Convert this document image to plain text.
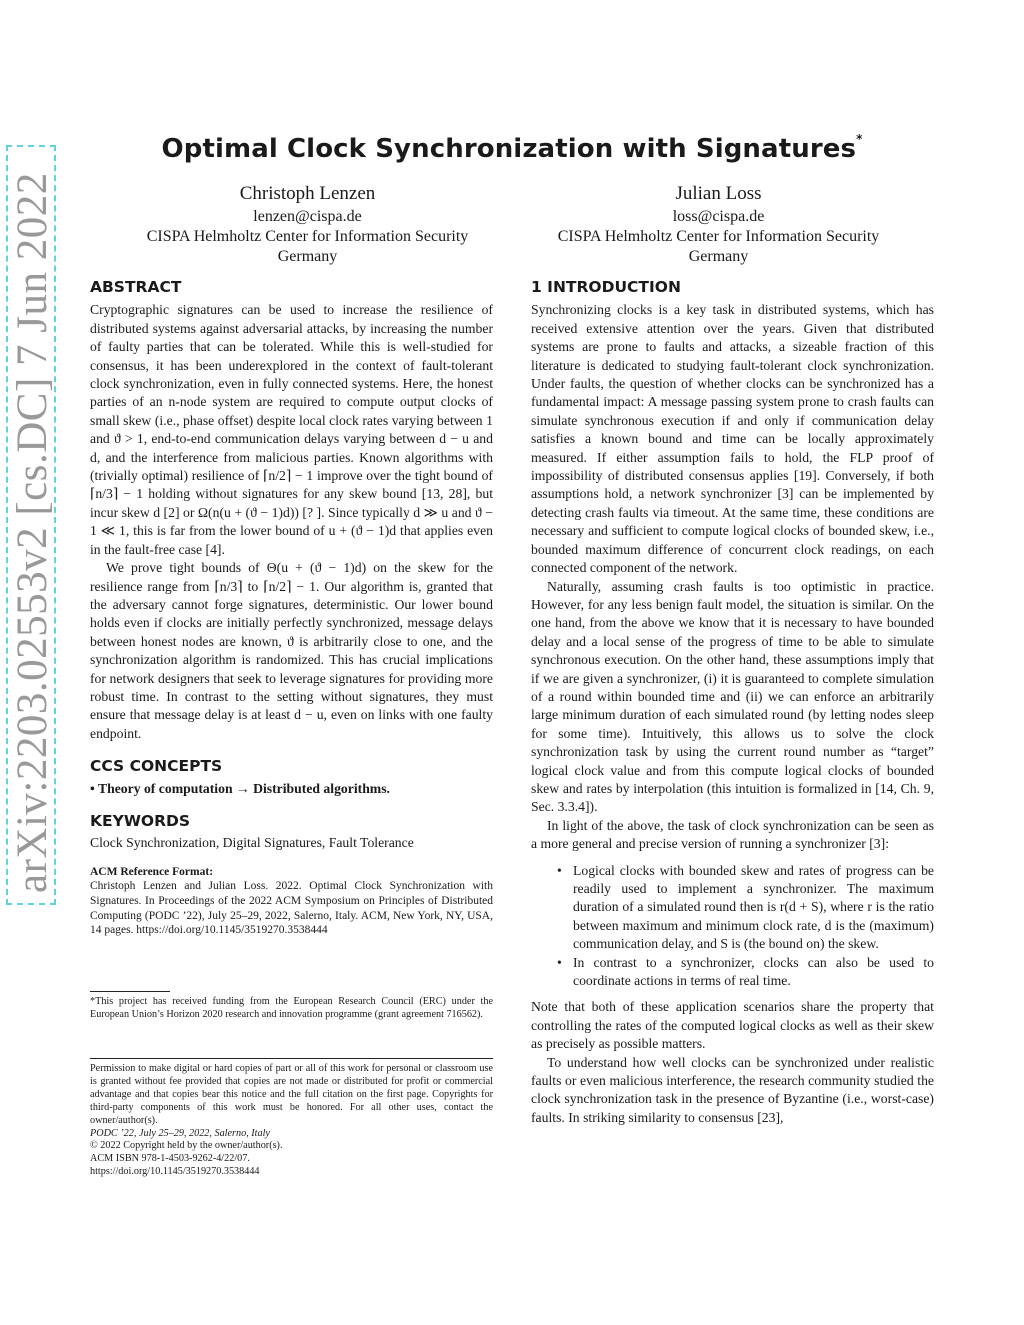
arXiv:2203.02553v2 [cs.DC] 7 Jun 2022
Optimal Clock Synchronization with Signatures*
Christoph Lenzen
lenzen@cispa.de
CISPA Helmholtz Center for Information Security
Germany
Julian Loss
loss@cispa.de
CISPA Helmholtz Center for Information Security
Germany
ABSTRACT

Cryptographic signatures can be used to increase the resilience of distributed systems against adversarial attacks, by increasing the number of faulty parties that can be tolerated. While this is well-studied for consensus, it has been underexplored in the context of fault-tolerant clock synchronization, even in fully connected systems. Here, the honest parties of an n-node system are required to compute output clocks of small skew (i.e., phase offset) despite local clock rates varying between 1 and ϑ > 1, end-to-end communication delays varying between d − u and d, and the interference from malicious parties. Known algorithms with (trivially optimal) resilience of ⌈n/2⌉ − 1 improve over the tight bound of ⌈n/3⌉ − 1 holding without signatures for any skew bound [13, 28], but incur skew d [2] or Ω(n(u + (ϑ − 1)d)) [? ]. Since typically d ≫ u and ϑ − 1 ≪ 1, this is far from the lower bound of u + (ϑ − 1)d that applies even in the fault-free case [4].

We prove tight bounds of Θ(u + (ϑ − 1)d) on the skew for the resilience range from ⌈n/3⌉ to ⌈n/2⌉ − 1. Our algorithm is, granted that the adversary cannot forge signatures, deterministic. Our lower bound holds even if clocks are initially perfectly synchronized, message delays between honest nodes are known, ϑ is arbitrarily close to one, and the synchronization algorithm is randomized. This has crucial implications for network designers that seek to leverage signatures for providing more robust time. In contrast to the setting without signatures, they must ensure that message delay is at least d − u, even on links with one faulty endpoint.

CCS CONCEPTS

• Theory of computation → Distributed algorithms.

KEYWORDS

Clock Synchronization, Digital Signatures, Fault Tolerance

ACM Reference Format:
Christoph Lenzen and Julian Loss. 2022. Optimal Clock Synchronization with Signatures. In Proceedings of the 2022 ACM Symposium on Principles of Distributed Computing (PODC ’22), July 25–29, 2022, Salerno, Italy. ACM, New York, NY, USA, 14 pages. https://doi.org/10.1145/3519270.3538444
*This project has received funding from the European Research Council (ERC) under the European Union’s Horizon 2020 research and innovation programme (grant agreement 716562).
Permission to make digital or hard copies of part or all of this work for personal or classroom use is granted without fee provided that copies are not made or distributed for profit or commercial advantage and that copies bear this notice and the full citation on the first page. Copyrights for third-party components of this work must be honored. For all other uses, contact the owner/author(s).
PODC ’22, July 25–29, 2022, Salerno, Italy
© 2022 Copyright held by the owner/author(s).
ACM ISBN 978-1-4503-9262-4/22/07.
https://doi.org/10.1145/3519270.3538444
1 INTRODUCTION

Synchronizing clocks is a key task in distributed systems, which has received extensive attention over the years. Given that distributed systems are prone to faults and attacks, a sizeable fraction of this literature is dedicated to studying fault-tolerant clock synchronization. Under faults, the question of whether clocks can be synchronized has a fundamental impact: A message passing system prone to crash faults can simulate synchronous execution if and only if communication delay satisfies a known bound and time can be locally approximately measured. If either assumption fails to hold, the FLP proof of impossibility of distributed consensus applies [19]. Conversely, if both assumptions hold, a network synchronizer [3] can be implemented by detecting crash faults via timeout. At the same time, these conditions are necessary and sufficient to compute logical clocks of bounded skew, i.e., bounded maximum difference of concurrent clock readings, on each connected component of the network.

Naturally, assuming crash faults is too optimistic in practice. However, for any less benign fault model, the situation is similar. On the one hand, from the above we know that it is necessary to have bounded delay and a local sense of the progress of time to be able to simulate synchronous execution. On the other hand, these assumptions imply that if we are given a synchronizer, (i) it is guaranteed to complete simulation of a round within bounded time and (ii) we can enforce an arbitrarily large minimum duration of each simulated round (by letting nodes sleep for some time). Intuitively, this allows us to solve the clock synchronization task by using the current round number as “target” logical clock value and from this compute logical clocks of bounded skew and rates by interpolation (this intuition is formalized in [14, Ch. 9, Sec. 3.3.4]).

In light of the above, the task of clock synchronization can be seen as a more general and precise version of running a synchronizer [3]:

• Logical clocks with bounded skew and rates of progress can be readily used to implement a synchronizer. The maximum duration of a simulated round then is r(d + S), where r is the ratio between maximum and minimum clock rate, d is the (maximum) communication delay, and S is (the bound on) the skew.
• In contrast to a synchronizer, clocks can also be used to coordinate actions in terms of real time.

Note that both of these application scenarios share the property that controlling the rates of the computed logical clocks as well as their skew as precisely as possible matters.

To understand how well clocks can be synchronized under realistic faults or even malicious interference, the research community studied the clock synchronization task in the presence of Byzantine (i.e., worst-case) faults. In striking similarity to consensus [23],
